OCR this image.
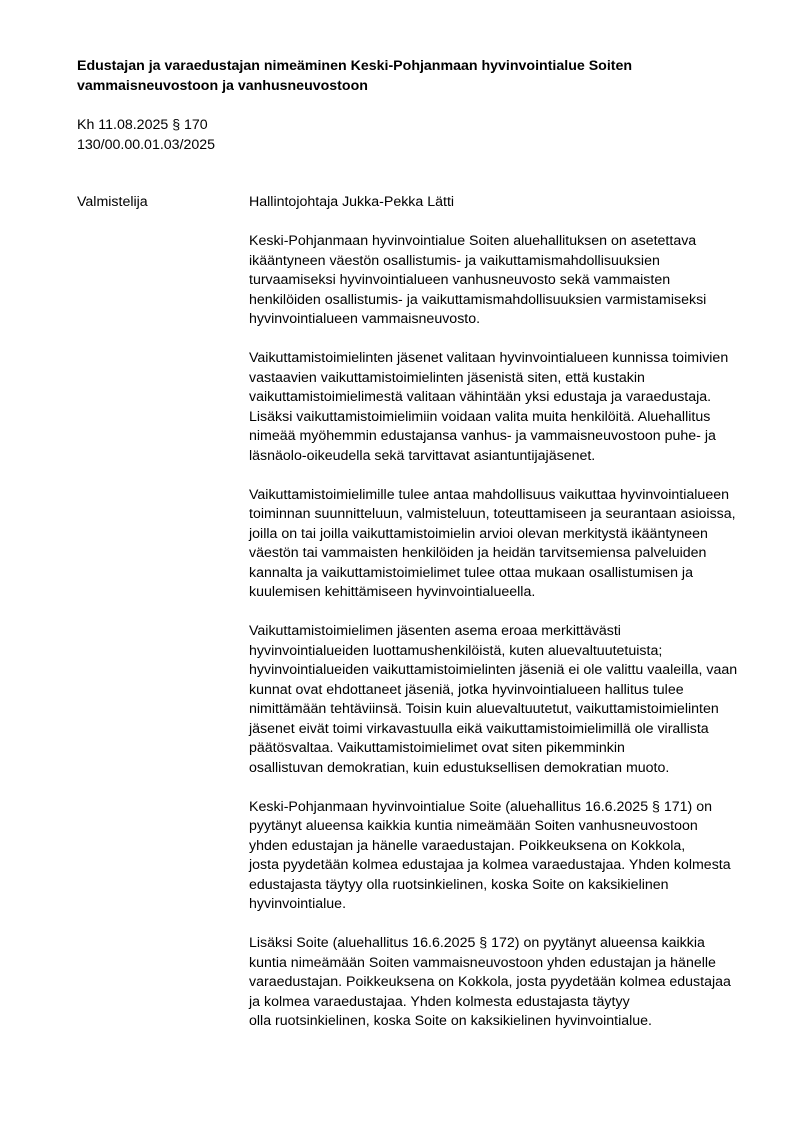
Edustajan ja varaedustajan nimeäminen Keski-Pohjanmaan hyvinvointialue Soiten
vammaisneuvostoon ja vanhusneuvostoon
Kh 11.08.2025 § 170
130/00.00.01.03/2025
Valmistelija	Hallintojohtaja Jukka-Pekka Lätti
Keski-Pohjanmaan hyvinvointialue Soiten aluehallituksen on asetettava
ikääntyneen väestön osallistumis- ja vaikuttamismahdollisuuksien
turvaamiseksi hyvinvointialueen vanhusneuvosto sekä vammaisten
henkilöiden osallistumis- ja vaikuttamismahdollisuuksien varmistamiseksi
hyvinvointialueen vammaisneuvosto.
Vaikuttamistoimielinten jäsenet valitaan hyvinvointialueen kunnissa toimivien
vastaavien vaikuttamistoimielinten jäsenistä siten, että kustakin
vaikuttamistoimielimestä valitaan vähintään yksi edustaja ja varaedustaja.
Lisäksi vaikuttamistoimielimiin voidaan valita muita henkilöitä. Aluehallitus
nimeää myöhemmin edustajansa vanhus- ja vammaisneuvostoon puhe- ja
läsnäolo-oikeudella sekä tarvittavat asiantuntijajäsenet.
Vaikuttamistoimielimille tulee antaa mahdollisuus vaikuttaa hyvinvointialueen
toiminnan suunnitteluun, valmisteluun, toteuttamiseen ja seurantaan asioissa,
joilla on tai joilla vaikuttamistoimielin arvioi olevan merkitystä ikääntyneen
väestön tai vammaisten henkilöiden ja heidän tarvitsemiensa palveluiden
kannalta ja vaikuttamistoimielimet tulee ottaa mukaan osallistumisen ja
kuulemisen kehittämiseen hyvinvointialueella.
Vaikuttamistoimielimen jäsenten asema eroaa merkittävästi
hyvinvointialueiden luottamushenkilöistä, kuten aluevaltuutetuista;
hyvinvointialueiden vaikuttamistoimielinten jäseniä ei ole valittu vaaleilla, vaan
kunnat ovat ehdottaneet jäseniä, jotka hyvinvointialueen hallitus tulee
nimittämään tehtäviinsä. Toisin kuin aluevaltuutetut, vaikuttamistoimielinten
jäsenet eivät toimi virkavastuulla eikä vaikuttamistoimielimillä ole virallista
päätösvaltaa. Vaikuttamistoimielimet ovat siten pikemminkin
osallistuvan demokratian, kuin edustuksellisen demokratian muoto.
Keski-Pohjanmaan hyvinvointialue Soite (aluehallitus 16.6.2025 § 171) on
pyytänyt alueensa kaikkia kuntia nimeämään Soiten vanhusneuvostoon
yhden edustajan ja hänelle varaedustajan. Poikkeuksena on Kokkola,
josta pyydetään kolmea edustajaa ja kolmea varaedustajaa. Yhden kolmesta
edustajasta täytyy olla ruotsinkielinen, koska Soite on kaksikielinen
hyvinvointialue.
Lisäksi Soite (aluehallitus 16.6.2025 § 172) on pyytänyt alueensa kaikkia
kuntia nimeämään Soiten vammaisneuvostoon yhden edustajan ja hänelle
varaedustajan. Poikkeuksena on Kokkola, josta pyydetään kolmea edustajaa
ja kolmea varaedustajaa. Yhden kolmesta edustajasta täytyy
olla ruotsinkielinen, koska Soite on kaksikielinen hyvinvointialue.
